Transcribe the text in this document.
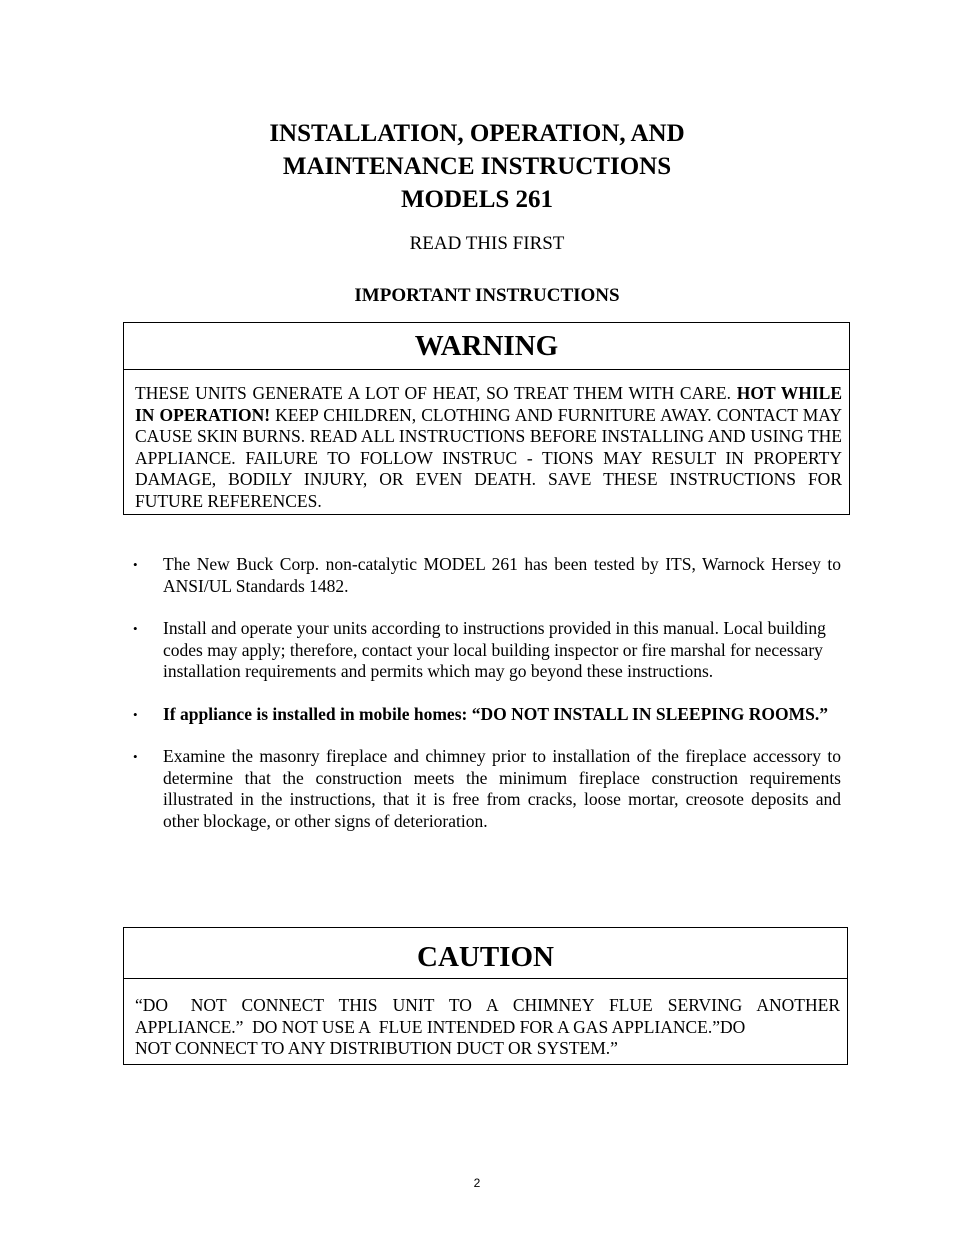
INSTALLATION, OPERATION, AND

MAINTENANCE INSTRUCTIONS

MODELS 261

READ THIS FIRST
IMPORTANT INSTRUCTIONS
WARNING
THESE UNITS GENERATE A LOT OF HEAT, SO TREAT THEM WITH CARE. HOT WHILE IN OPERATION! KEEP CHILDREN, CLOTHING AND FURNITURE AWAY. CONTACT MAY CAUSE SKIN BURNS. READ ALL INSTRUCTIONS BEFORE INSTALLING AND USING THE APPLIANCE. FAILURE TO FOLLOW INSTRUC - TIONS MAY RESULT IN PROPERTY DAMAGE, BODILY INJURY, OR EVEN DEATH. SAVE THESE INSTRUCTIONS FOR FUTURE REFERENCES.
• The New Buck Corp. non-catalytic MODEL 261 has been tested by ITS, Warnock Hersey to ANSI/UL Standards 1482.
• Install and operate your units according to instructions provided in this manual. Local building codes may apply; therefore, contact your local building inspector or fire marshal for necessary installation requirements and permits which may go beyond these instructions.
• If appliance is installed in mobile homes: “DO NOT INSTALL IN SLEEPING ROOMS.”
• Examine the masonry fireplace and chimney prior to installation of the fireplace accessory to determine that the construction meets the minimum fireplace construction requirements illustrated in the instructions, that it is free from cracks, loose mortar, creosote deposits and other blockage, or other signs of deterioration.
CAUTION
“DO   NOT  CONNECT  THIS  UNIT  TO  A  CHIMNEY  FLUE  SERVING  ANOTHER
APPLIANCE.”  DO NOT USE A  FLUE INTENDED FOR A GAS APPLIANCE.”DO
NOT CONNECT TO ANY DISTRIBUTION DUCT OR SYSTEM.”
2
